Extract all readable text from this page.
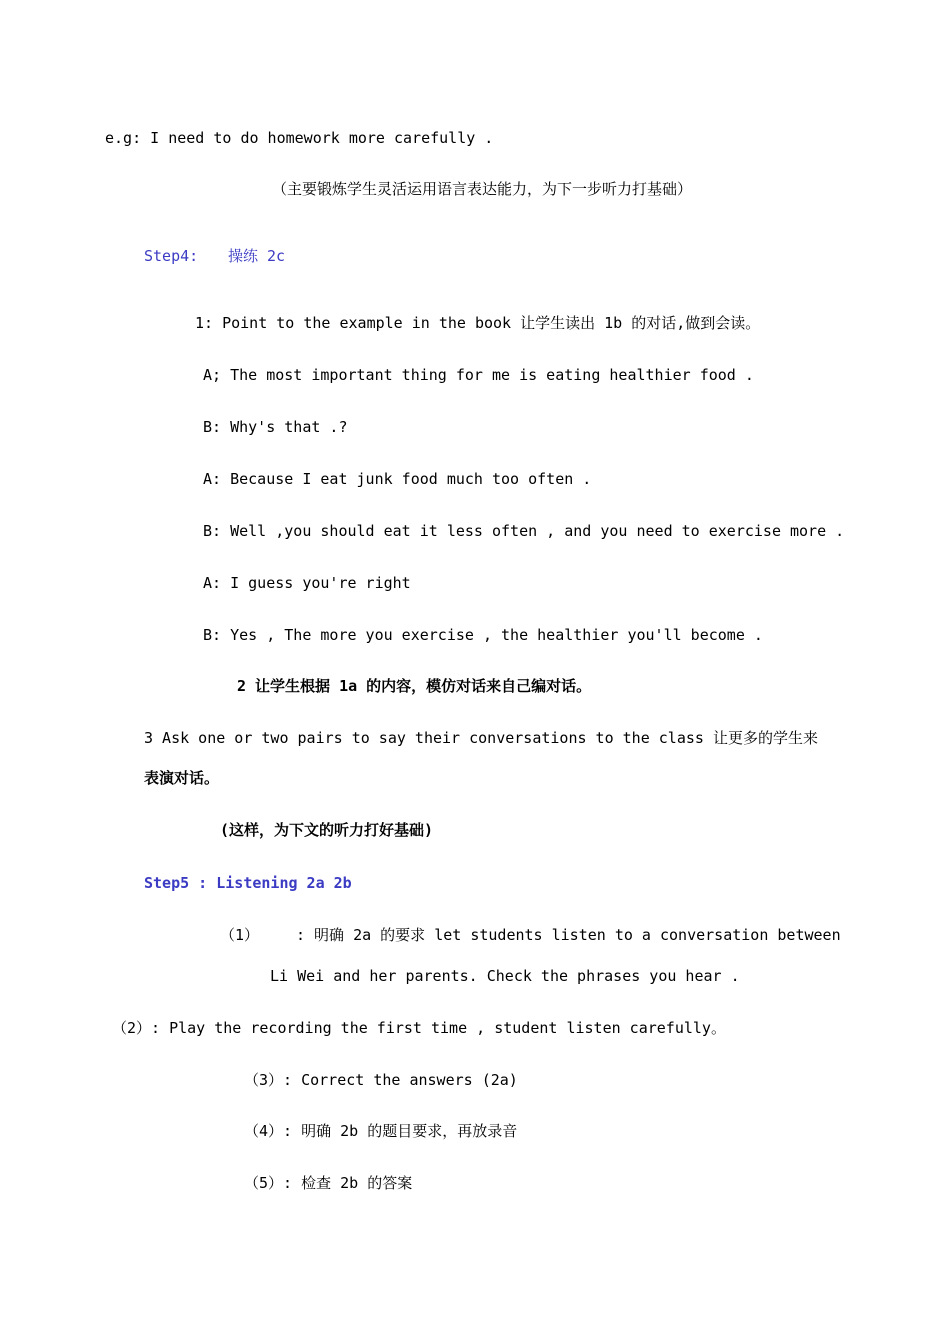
e.g: I need to do homework more carefully .
（主要锻炼学生灵活运用语言表达能力，为下一步听力打基础）
Step4: 操练 2c
1: Point to the example in the book 让学生读出 1b 的对话,做到会读。
A; The most important thing for me is eating healthier food .
B: Why's that .?
A: Because I eat junk food much too often .
B: Well ,you should eat it less often , and you need to exercise more .
A: I guess you're right
B: Yes , The more you exercise , the healthier you'll become .
2 让学生根据 1a 的内容，模仿对话来自己编对话。
3 Ask one or two pairs to say their conversations to the class 让更多的学生来
表演对话。
(这样，为下文的听力打好基础)
Step5 : Listening 2a 2b
（1） : 明确 2a 的要求 let students listen to a conversation between
Li Wei and her parents. Check the phrases you hear .
（2）: Play the recording the first time , student listen carefully。
（3）: Correct the answers (2a)
（4）: 明确 2b 的题目要求，再放录音
（5）: 检查 2b 的答案
